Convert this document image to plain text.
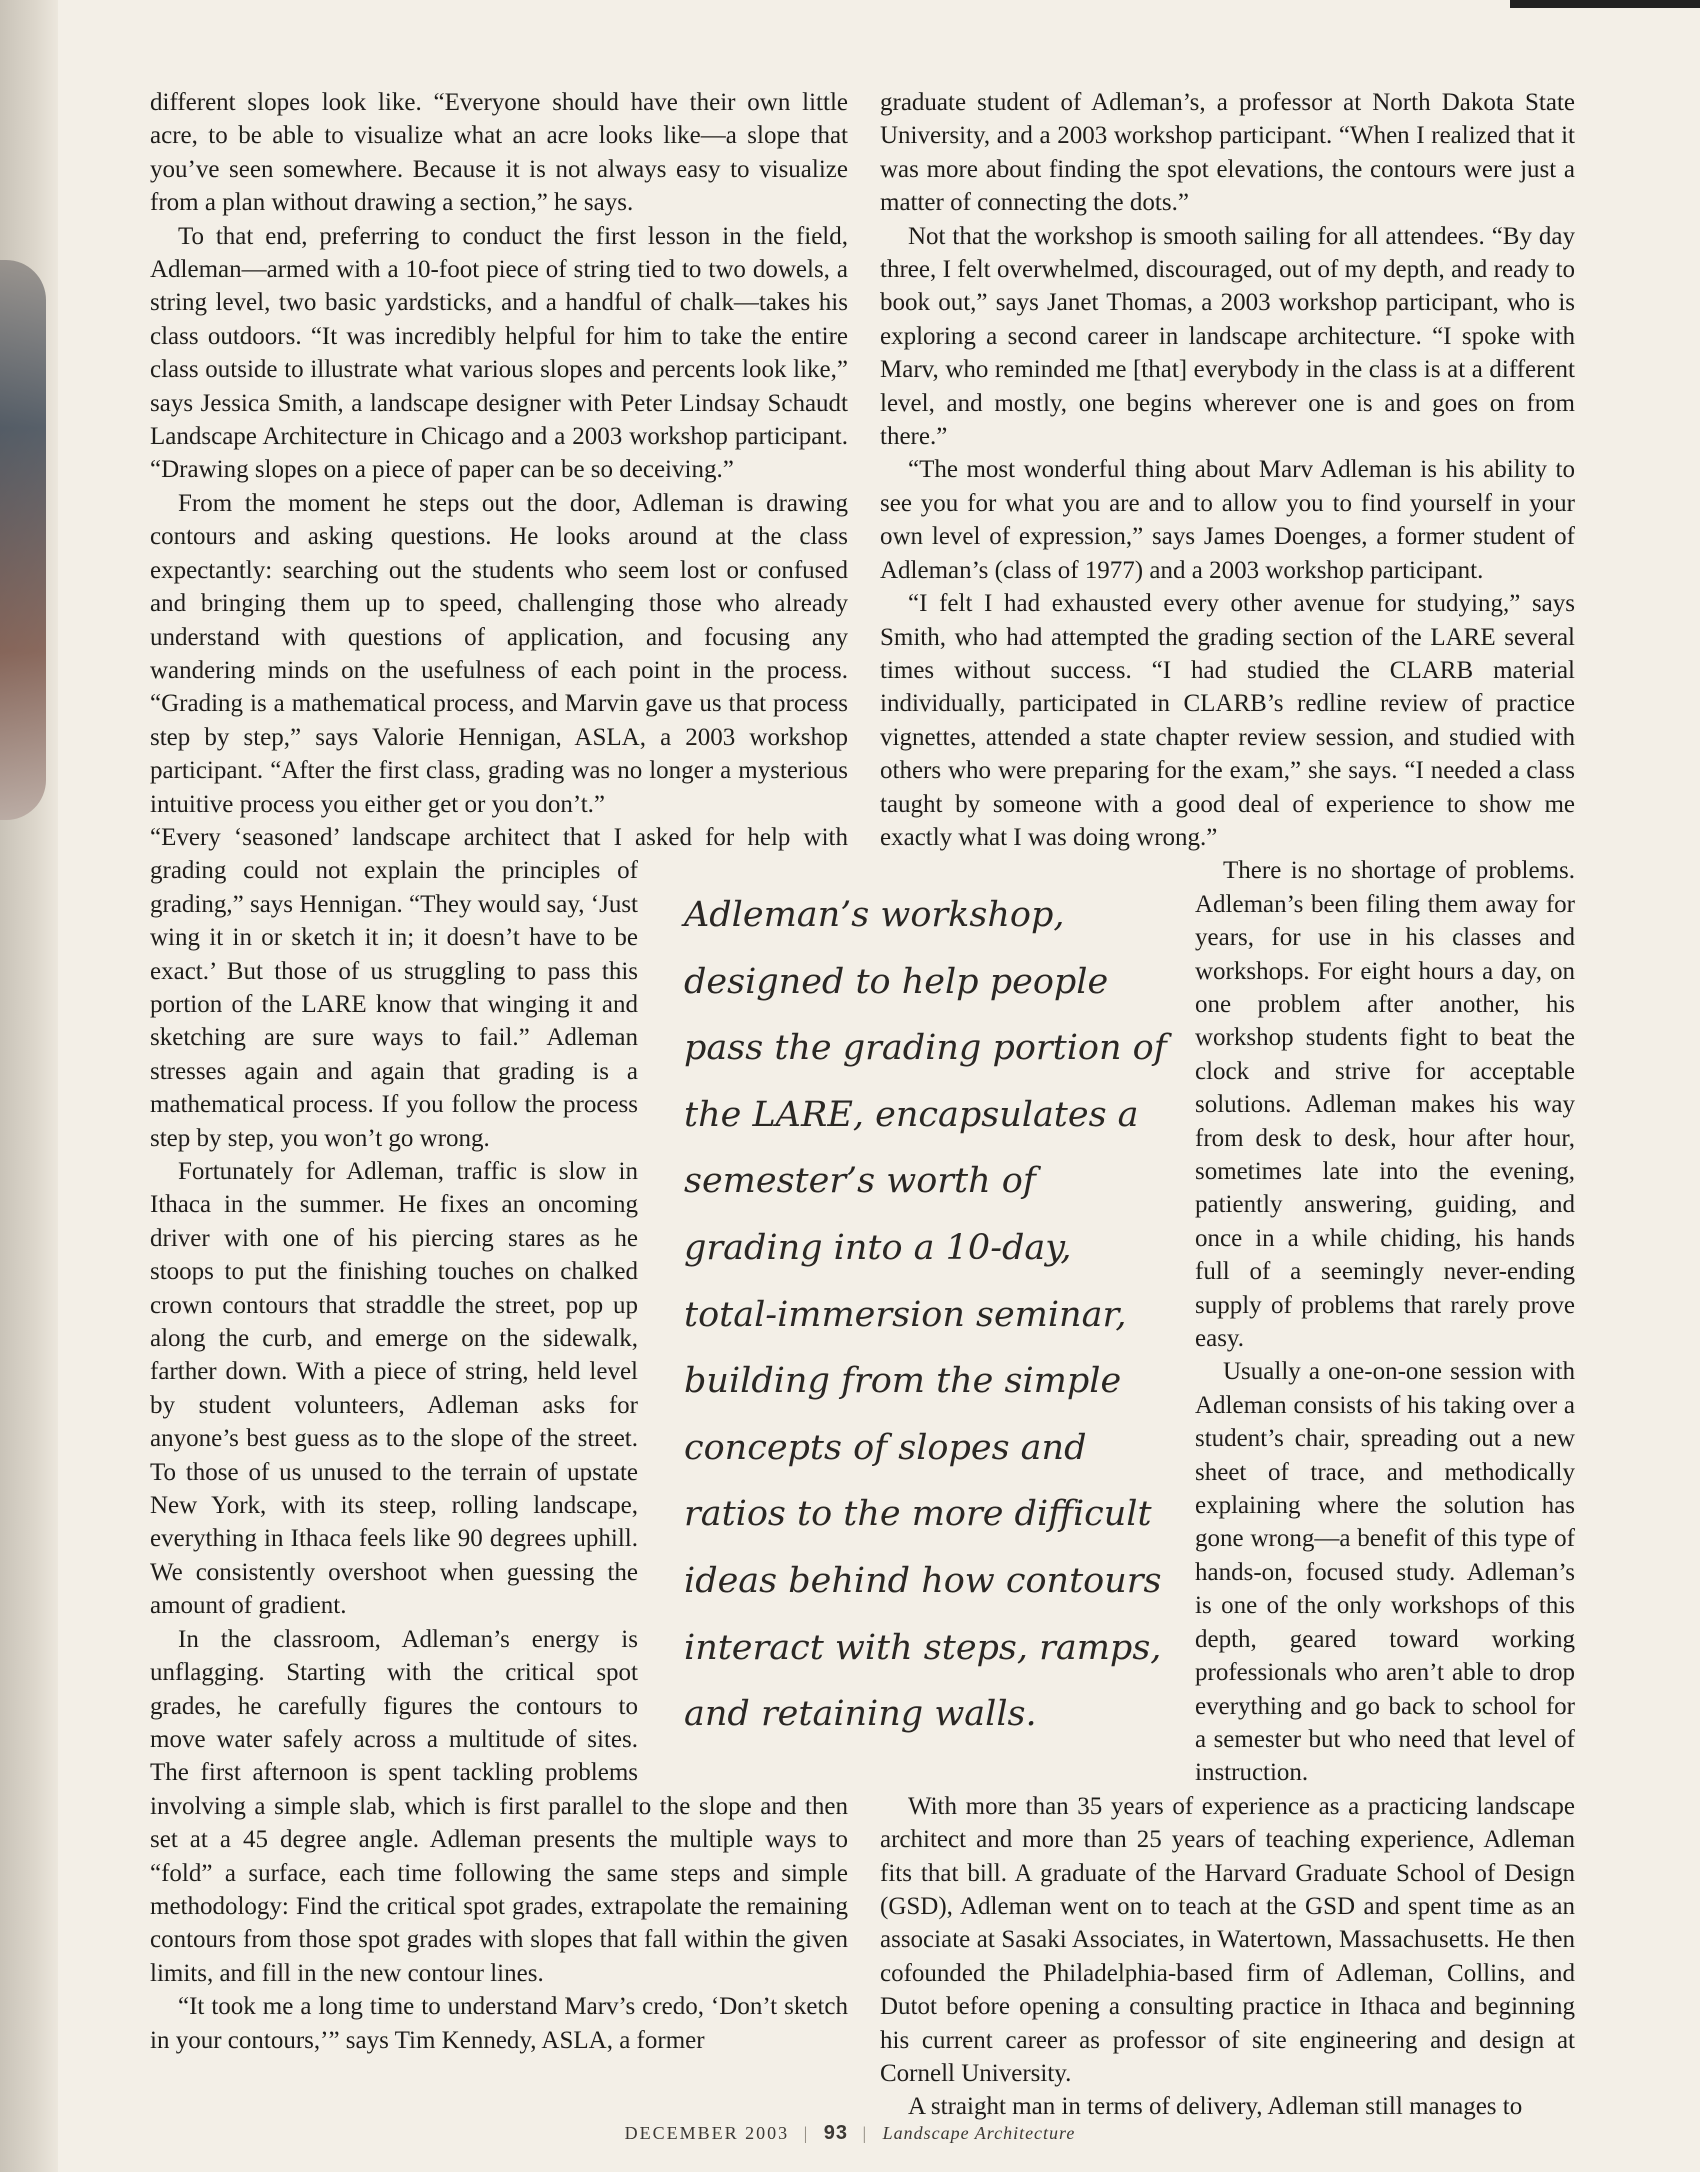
different slopes look like. “Everyone should have their own little acre, to be able to visualize what an acre looks like—a slope that you’ve seen somewhere. Because it is not always easy to visualize from a plan without drawing a section,” he says.

To that end, preferring to conduct the first lesson in the field, Adleman—armed with a 10-foot piece of string tied to two dowels, a string level, two basic yardsticks, and a handful of chalk—takes his class outdoors. “It was incredibly helpful for him to take the entire class outside to illustrate what various slopes and percents look like,” says Jessica Smith, a landscape designer with Peter Lindsay Schaudt Landscape Architecture in Chicago and a 2003 workshop participant. “Drawing slopes on a piece of paper can be so deceiving.”

From the moment he steps out the door, Adleman is drawing contours and asking questions. He looks around at the class expectantly: searching out the students who seem lost or confused and bringing them up to speed, challenging those who already understand with questions of application, and focusing any wandering minds on the usefulness of each point in the process. “Grading is a mathematical process, and Marvin gave us that process step by step,” says Valorie Hennigan, ASLA, a 2003 workshop participant. “After the first class, grading was no longer a mysterious intuitive process you either get or you don’t.”

“Every ‘seasoned’ landscape architect that I asked for help with grading could not explain the principles of grading,” says Hennigan. “They would say, ‘Just wing it in or sketch it in; it doesn’t have to be exact.’ But those of us struggling to pass this portion of the LARE know that winging it and sketching are sure ways to fail.” Adleman stresses again and again that grading is a mathematical process. If you follow the process step by step, you won’t go wrong.

Fortunately for Adleman, traffic is slow in Ithaca in the summer. He fixes an oncoming driver with one of his piercing stares as he stoops to put the finishing touches on chalked crown contours that straddle the street, pop up along the curb, and emerge on the sidewalk, farther down. With a piece of string, held level by student volunteers, Adleman asks for anyone’s best guess as to the slope of the street. To those of us unused to the terrain of upstate New York, with its steep, rolling landscape, everything in Ithaca feels like 90 degrees uphill. We consistently overshoot when guessing the amount of gradient.

In the classroom, Adleman’s energy is unflagging. Starting with the critical spot grades, he carefully figures the contours to move water safely across a multitude of sites. The first afternoon is spent tackling problems involving a simple slab, which is first parallel to the slope and then set at a 45 degree angle. Adleman presents the multiple ways to “fold” a surface, each time following the same steps and simple methodology: Find the critical spot grades, extrapolate the remaining contours from those spot grades with slopes that fall within the given limits, and fill in the new contour lines.

“It took me a long time to understand Marv’s credo, ‘Don’t sketch in your contours,’” says Tim Kennedy, ASLA, a former

graduate student of Adleman’s, a professor at North Dakota State University, and a 2003 workshop participant. “When I realized that it was more about finding the spot elevations, the contours were just a matter of connecting the dots.”

Not that the workshop is smooth sailing for all attendees. “By day three, I felt overwhelmed, discouraged, out of my depth, and ready to book out,” says Janet Thomas, a 2003 workshop participant, who is exploring a second career in landscape architecture. “I spoke with Marv, who reminded me [that] everybody in the class is at a different level, and mostly, one begins wherever one is and goes on from there.”

“The most wonderful thing about Marv Adleman is his ability to see you for what you are and to allow you to find yourself in your own level of expression,” says James Doenges, a former student of Adleman’s (class of 1977) and a 2003 workshop participant.

“I felt I had exhausted every other avenue for studying,” says Smith, who had attempted the grading section of the LARE several times without success. “I had studied the CLARB material individually, participated in CLARB’s redline review of practice vignettes, attended a state chapter review session, and studied with others who were preparing for the exam,” she says. “I needed a class taught by someone with a good deal of experience to show me exactly what I was doing wrong.”

There is no shortage of problems. Adleman’s been filing them away for years, for use in his classes and workshops. For eight hours a day, on one problem after another, his workshop students fight to beat the clock and strive for acceptable solutions. Adleman makes his way from desk to desk, hour after hour, sometimes late into the evening, patiently answering, guiding, and once in a while chiding, his hands full of a seemingly never-ending supply of problems that rarely prove easy.

Usually a one-on-one session with Adleman consists of his taking over a student’s chair, spreading out a new sheet of trace, and methodically explaining where the solution has gone wrong—a benefit of this type of hands-on, focused study. Adleman’s is one of the only workshops of this depth, geared toward working professionals who aren’t able to drop everything and go back to school for a semester but who need that level of instruction.

With more than 35 years of experience as a practicing landscape architect and more than 25 years of teaching experience, Adleman fits that bill. A graduate of the Harvard Graduate School of Design (GSD), Adleman went on to teach at the GSD and spent time as an associate at Sasaki Associates, in Watertown, Massachusetts. He then cofounded the Philadelphia-based firm of Adleman, Collins, and Dutot before opening a consulting practice in Ithaca and beginning his current career as professor of site engineering and design at Cornell University.

A straight man in terms of delivery, Adleman still manages to

Adleman’s workshop, designed to help people pass the grading portion of the LARE, encapsulates a semester’s worth of grading into a 10-day, total-immersion seminar, building from the simple concepts of slopes and ratios to the more difficult ideas behind how contours interact with steps, ramps, and retaining walls.
DECEMBER 2003 | 93 | Landscape Architecture
